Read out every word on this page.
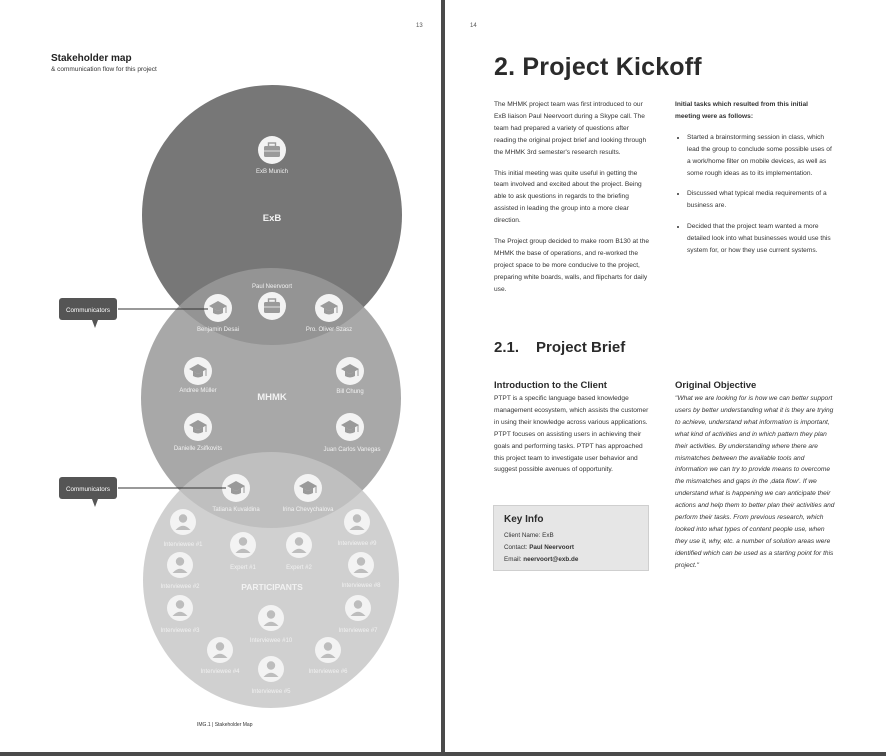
13
Stakeholder map
& communication flow for this project
ExB
MHMK
PARTICIPANTS
ExB Munich
Paul Neervoort
Benjamin Desai	Pro. Oliver Szasz
Andree Müller	Bill Chung
Danielle Zsifkovits	Juan Carlos Vanegas
Tatiana Kuvaldina	Irina Chevychalova
Interviewee #1
Expert #1	Expert #2
Interviewee #9
Interviewee #2	Interviewee #8
Interviewee #3	Interviewee #7
Interviewee #10
Interviewee #4	Interviewee #6
Interviewee #5
Communicators
Communicators
IMG.1 | Stakeholder Map
14
2. Project Kickoff

The MHMK project team was first introduced to our ExB liaison Paul Neervoort during a Skype call. The team had prepared a variety of questions after reading the original project brief and looking through the MHMK 3rd semester's research results.

This initial meeting was quite useful in getting the team involved and excited about the project. Being able to ask questions in regards to the briefing assisted in leading the group into a more clear direction.

The Project group decided to make room B130 at the MHMK the base of operations, and re-worked the project space to be more conducive to the project, preparing white boards, walls, and flipcharts for daily use.

Initial tasks which resulted from this initial meeting were as follows:

• Started a brainstorming session in class, which lead the group to conclude some possible uses of a work/home filter on mobile devices, as well as some rough ideas as to its implementation.
• Discussed what typical media requirements of a business are.
• Decided that the project team wanted a more detailed look into what businesses would use this system for, or how they use current systems.
2.1. Project Brief
Introduction to the Client
PTPT is a specific language based knowledge management ecosystem, which assists the customer in using their knowledge across various applications. PTPT focuses on assisting users in achieving their goals and performing tasks. PTPT has approached this project team to investigate user behavior and suggest possible avenues of opportunity.
Key Info
Client Name: ExB
Contact: Paul Neervoort
Email: neervoort@exb.de
Original Objective
"What we are looking for is how we can better support users by better understanding what it is they are trying to achieve, understand what information is important, what kind of activities and in which pattern they plan their activities. By understanding where there are mismatches between the available tools and information we can try to provide means to overcome the mismatches and gaps in the ‚data flow‘. If we understand what is happening we can anticipate their actions and help them to better plan their activities and perform their tasks. From previous research, which looked into what types of content people use, when they use it, why, etc. a number of solution areas were identified which can be used as a starting point for this project."
